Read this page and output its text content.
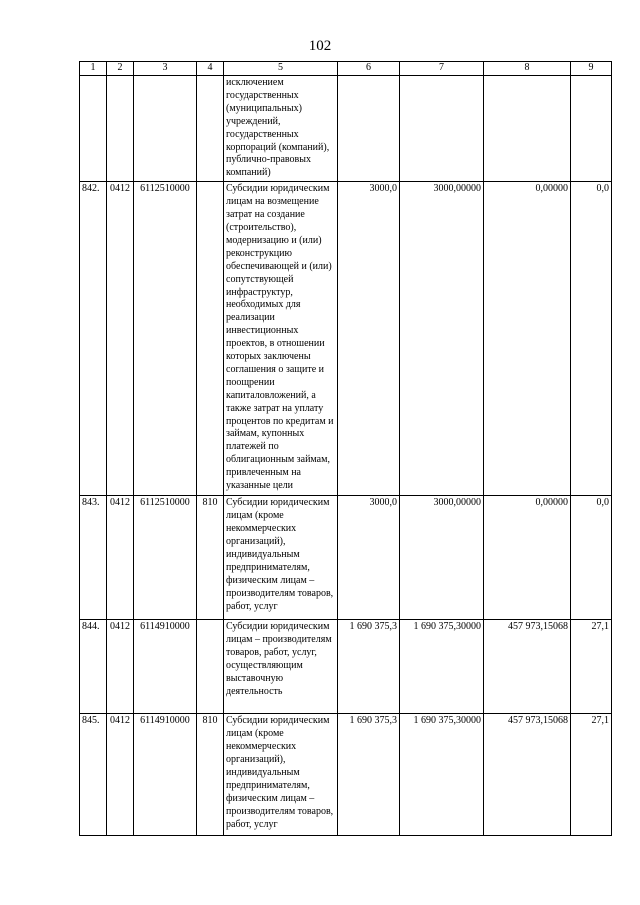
102
1	2	3	4	5	6	7	8	9
				исключением государственных (муниципальных) учреждений, государственных корпораций (компаний), публично-правовых компаний)				
842.	0412	6112510000		Субсидии юридическим лицам на возмещение затрат на создание (строительство), модернизацию и (или) реконструкцию обеспечивающей и (или) сопутствующей инфраструктур, необходимых для реализации инвестиционных проектов, в отношении которых заключены соглашения о защите и поощрении капиталовложений, а также затрат на уплату процентов по кредитам и займам, купонных платежей по облигационным займам, привлеченным на указанные цели	3000,0	3000,00000	0,00000	0,0
843.	0412	6112510000	810	Субсидии юридическим лицам (кроме некоммерческих организаций), индивидуальным предпринимателям, физическим лицам – производителям товаров, работ, услуг	3000,0	3000,00000	0,00000	0,0
844.	0412	6114910000		Субсидии юридическим лицам – производителям товаров, работ, услуг, осуществляющим выставочную деятельность	1 690 375,3	1 690 375,30000	457 973,15068	27,1
845.	0412	6114910000	810	Субсидии юридическим лицам (кроме некоммерческих организаций), индивидуальным предпринимателям, физическим лицам – производителям товаров, работ, услуг	1 690 375,3	1 690 375,30000	457 973,15068	27,1
